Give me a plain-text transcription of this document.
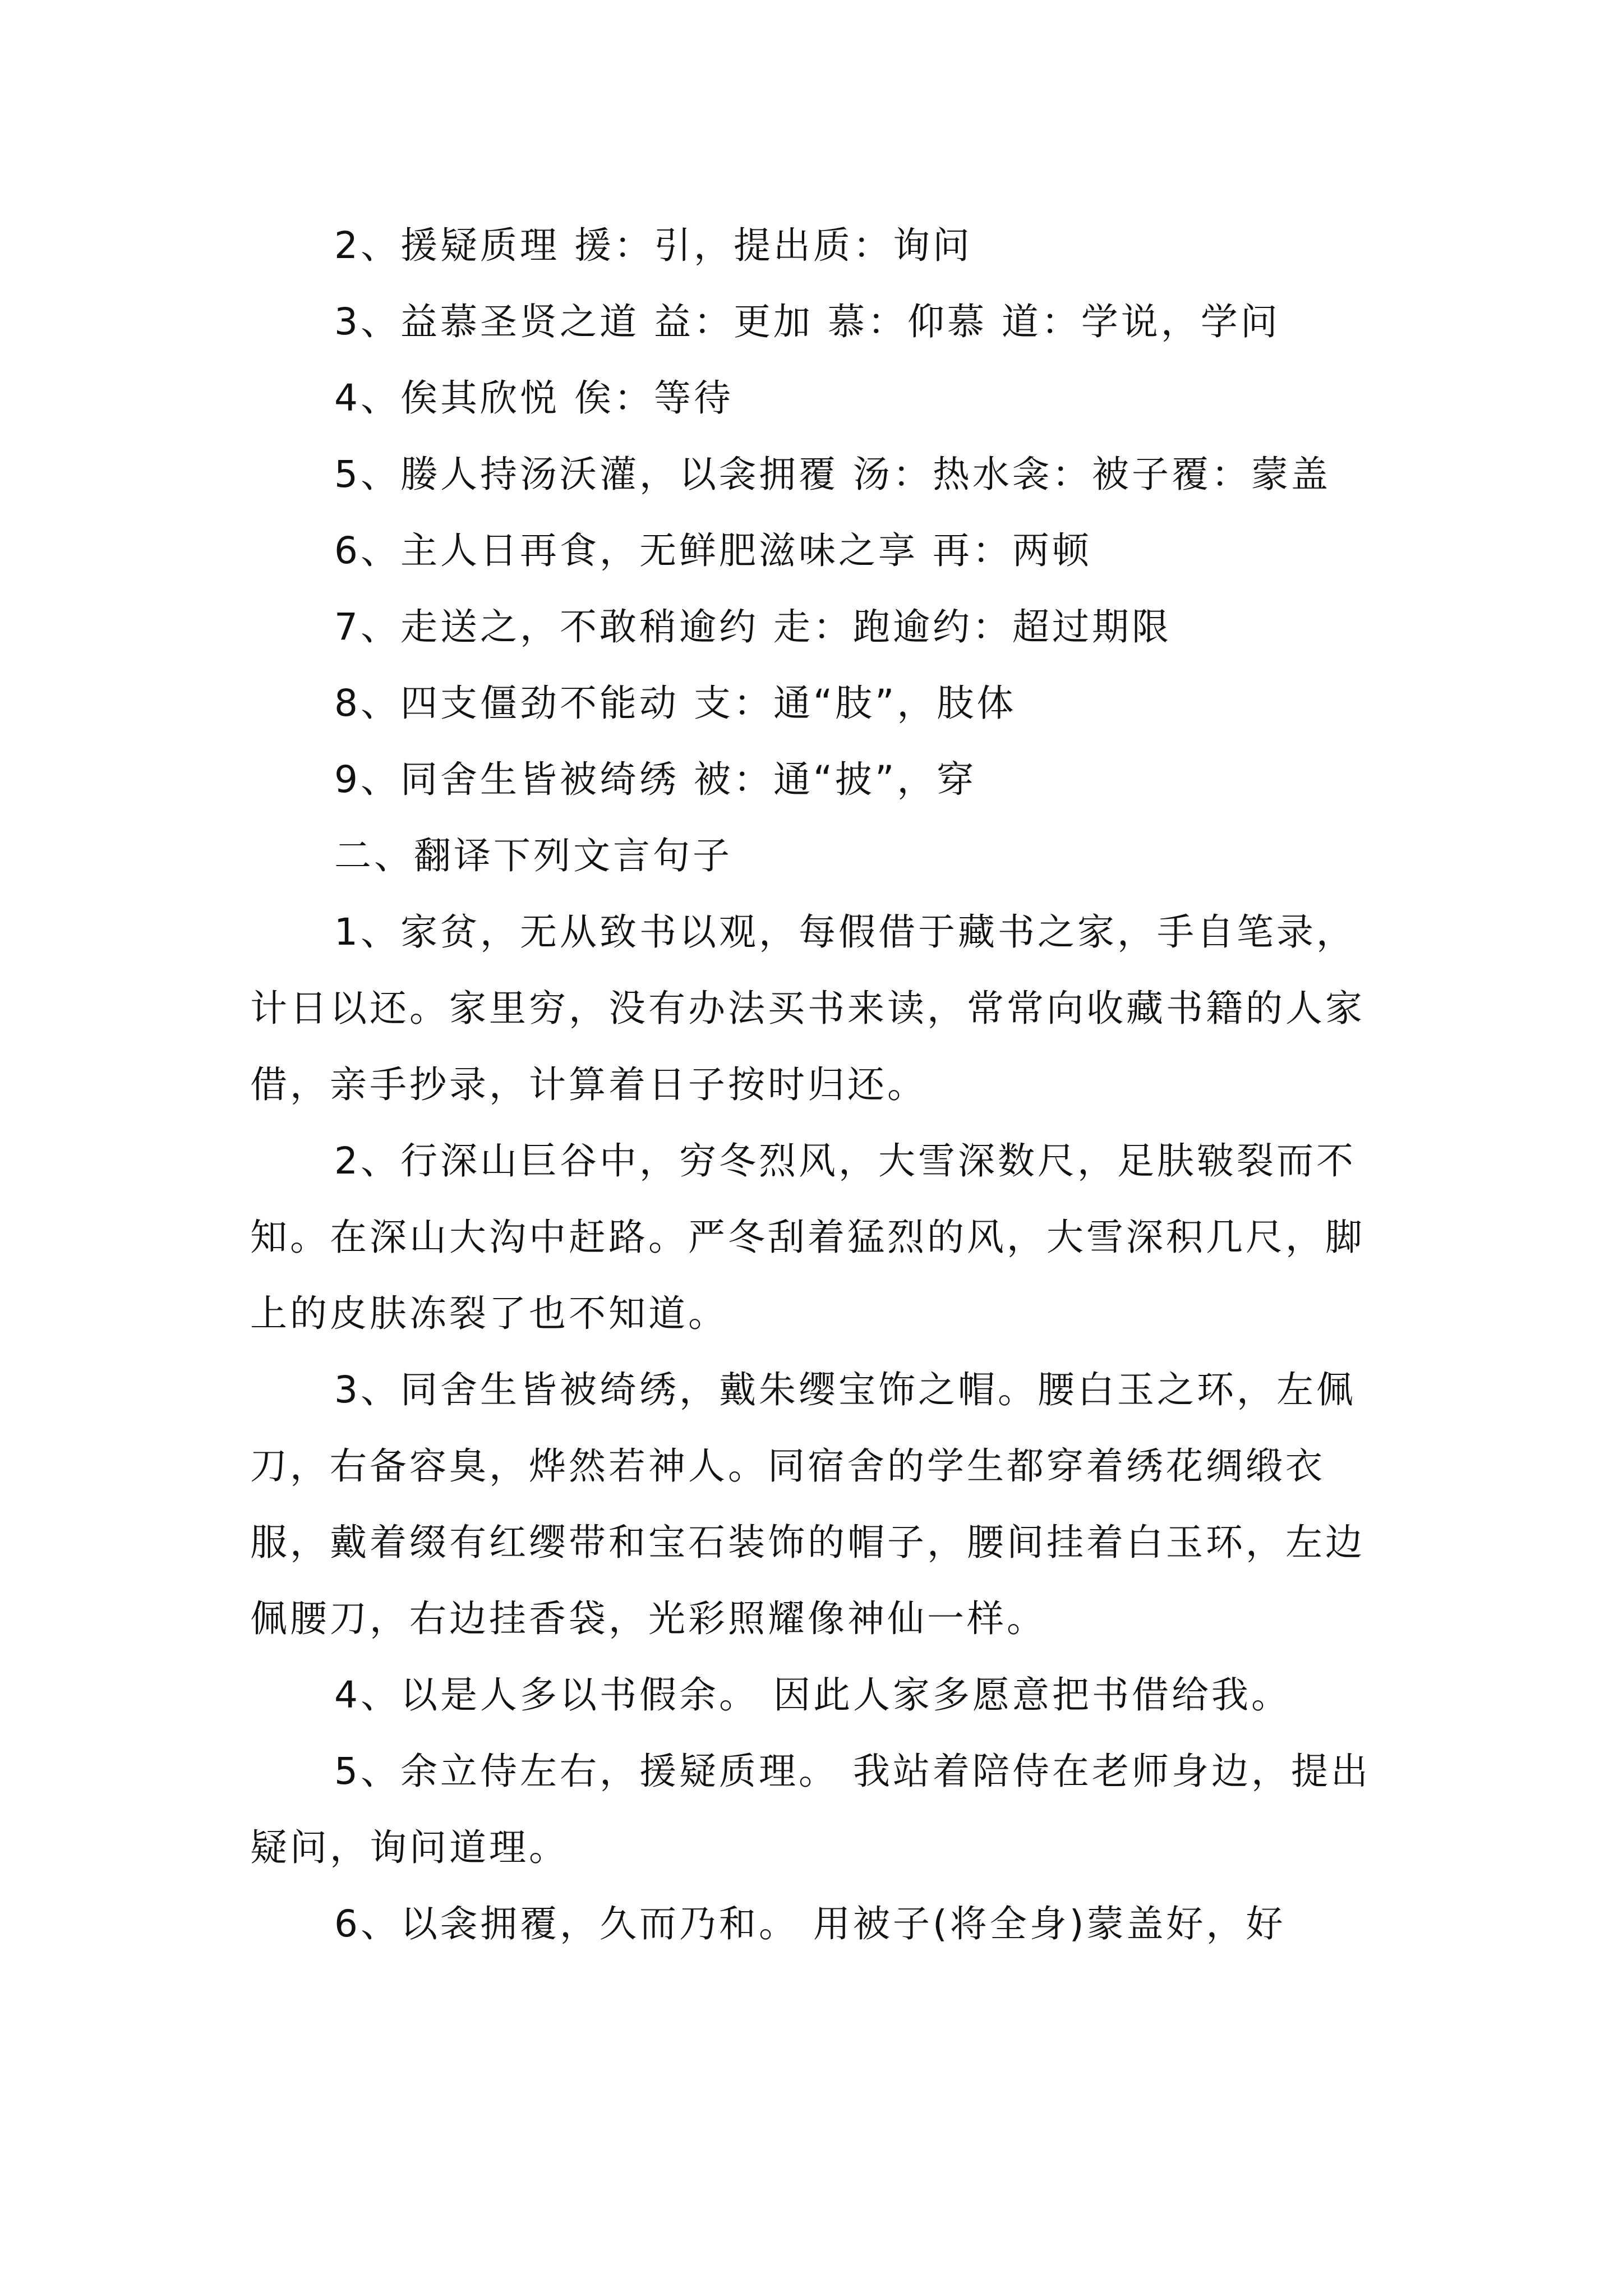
2、援疑质理 援：引，提出质：询问

3、益慕圣贤之道 益：更加 慕：仰慕 道：学说，学问

4、俟其欣悦 俟：等待

5、媵人持汤沃灌，以衾拥覆 汤：热水衾：被子覆：蒙盖

6、主人日再食，无鲜肥滋味之享 再：两顿

7、走送之，不敢稍逾约 走：跑逾约：超过期限

8、四支僵劲不能动 支：通“肢”，肢体

9、同舍生皆被绮绣 被：通“披”，穿

二、翻译下列文言句子

1、家贫，无从致书以观，每假借于藏书之家，手自笔录，计日以还。家里穷，没有办法买书来读，常常向收藏书籍的人家借，亲手抄录，计算着日子按时归还。

2、行深山巨谷中，穷冬烈风，大雪深数尺，足肤皲裂而不知。在深山大沟中赶路。严冬刮着猛烈的风，大雪深积几尺，脚上的皮肤冻裂了也不知道。

3、同舍生皆被绮绣，戴朱缨宝饰之帽。腰白玉之环，左佩刀，右备容臭，烨然若神人。同宿舍的学生都穿着绣花绸缎衣服，戴着缀有红缨带和宝石装饰的帽子，腰间挂着白玉环，左边佩腰刀，右边挂香袋，光彩照耀像神仙一样。

4、以是人多以书假余。 因此人家多愿意把书借给我。

5、余立侍左右，援疑质理。 我站着陪侍在老师身边，提出疑问，询问道理。

6、以衾拥覆，久而乃和。 用被子(将全身)蒙盖好，好
